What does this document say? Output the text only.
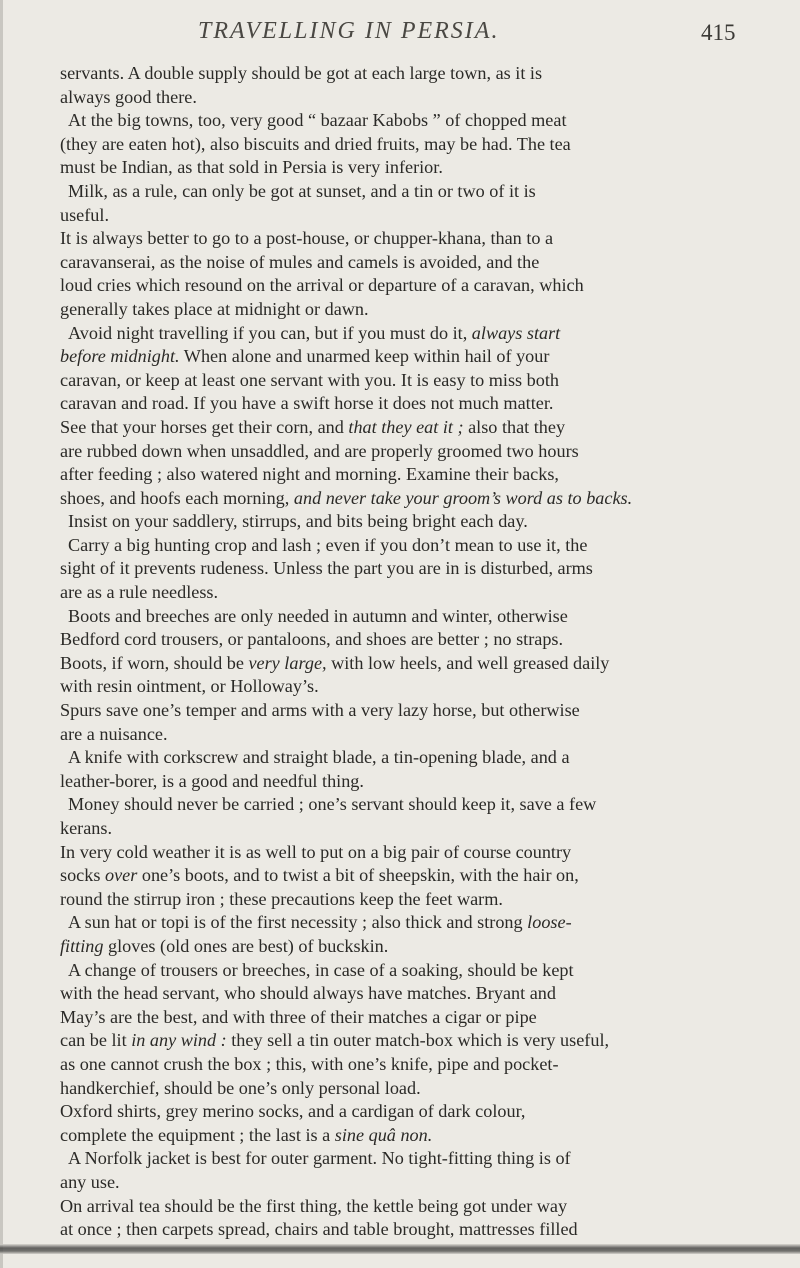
TRAVELLING IN PERSIA.	415
servants. A double supply should be got at each large town, as it is
always good there.
At the big towns, too, very good “ bazaar Kabobs ” of chopped meat
(they are eaten hot), also biscuits and dried fruits, may be had. The tea
must be Indian, as that sold in Persia is very inferior.
Milk, as a rule, can only be got at sunset, and a tin or two of it is
useful.
It is always better to go to a post-house, or chupper-khana, than to a
caravanserai, as the noise of mules and camels is avoided, and the
loud cries which resound on the arrival or departure of a caravan, which
generally takes place at midnight or dawn.
Avoid night travelling if you can, but if you must do it, always start
before midnight. When alone and unarmed keep within hail of your
caravan, or keep at least one servant with you. It is easy to miss both
caravan and road. If you have a swift horse it does not much matter.
See that your horses get their corn, and that they eat it ; also that they
are rubbed down when unsaddled, and are properly groomed two hours
after feeding ; also watered night and morning. Examine their backs,
shoes, and hoofs each morning, and never take your groom’s word as to backs.
Insist on your saddlery, stirrups, and bits being bright each day.
Carry a big hunting crop and lash ; even if you don’t mean to use it, the
sight of it prevents rudeness. Unless the part you are in is disturbed, arms
are as a rule needless.
Boots and breeches are only needed in autumn and winter, otherwise
Bedford cord trousers, or pantaloons, and shoes are better ; no straps.
Boots, if worn, should be very large, with low heels, and well greased daily
with resin ointment, or Holloway’s.
Spurs save one’s temper and arms with a very lazy horse, but otherwise
are a nuisance.
A knife with corkscrew and straight blade, a tin-opening blade, and a
leather-borer, is a good and needful thing.
Money should never be carried ; one’s servant should keep it, save a few
kerans.
In very cold weather it is as well to put on a big pair of course country
socks over one’s boots, and to twist a bit of sheepskin, with the hair on,
round the stirrup iron ; these precautions keep the feet warm.
A sun hat or topi is of the first necessity ; also thick and strong loose-
fitting gloves (old ones are best) of buckskin.
A change of trousers or breeches, in case of a soaking, should be kept
with the head servant, who should always have matches. Bryant and
May’s are the best, and with three of their matches a cigar or pipe
can be lit in any wind : they sell a tin outer match-box which is very useful,
as one cannot crush the box ; this, with one’s knife, pipe and pocket-
handkerchief, should be one’s only personal load.
Oxford shirts, grey merino socks, and a cardigan of dark colour,
complete the equipment ; the last is a sine quâ non.
A Norfolk jacket is best for outer garment. No tight-fitting thing is of
any use.
On arrival tea should be the first thing, the kettle being got under way
at once ; then carpets spread, chairs and table brought, mattresses filled
